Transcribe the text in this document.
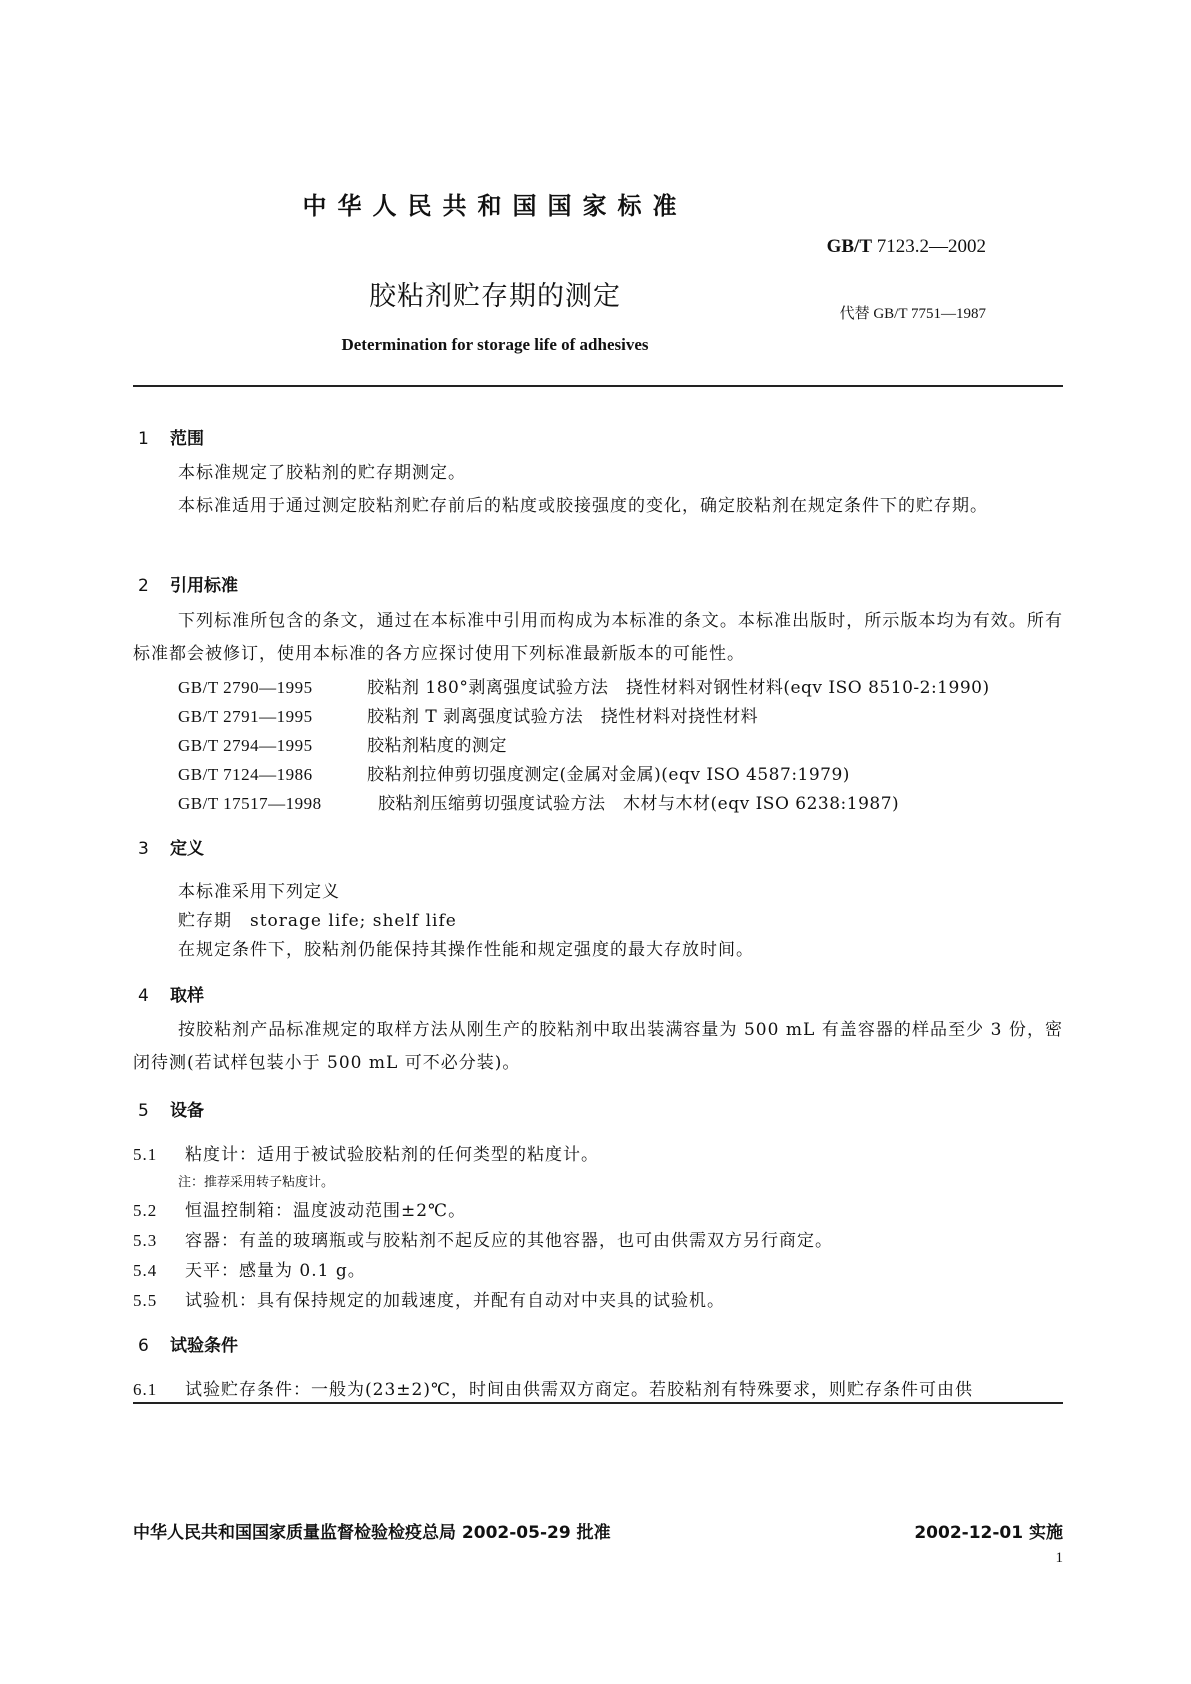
中华人民共和国国家标准
GB/T 7123.2—2002
胶粘剂贮存期的测定
代替 GB/T 7751—1987
Determination for storage life of adhesives
1 范围
本标准规定了胶粘剂的贮存期测定。
本标准适用于通过测定胶粘剂贮存前后的粘度或胶接强度的变化，确定胶粘剂在规定条件下的贮存期。
2 引用标准
下列标准所包含的条文，通过在本标准中引用而构成为本标准的条文。本标准出版时，所示版本均为有效。所有标准都会被修订，使用本标准的各方应探讨使用下列标准最新版本的可能性。
GB/T 2790—1995	胶粘剂 180°剥离强度试验方法　挠性材料对钢性材料(eqv ISO 8510-2:1990)
GB/T 2791—1995	胶粘剂 T 剥离强度试验方法　挠性材料对挠性材料
GB/T 2794—1995	胶粘剂粘度的测定
GB/T 7124—1986	胶粘剂拉伸剪切强度测定(金属对金属)(eqv ISO 4587:1979)
GB/T 17517—1998	胶粘剂压缩剪切强度试验方法　木材与木材(eqv ISO 6238:1987)
3 定义
本标准采用下列定义
贮存期　storage life; shelf life
在规定条件下，胶粘剂仍能保持其操作性能和规定强度的最大存放时间。
4 取样
按胶粘剂产品标准规定的取样方法从刚生产的胶粘剂中取出装满容量为 500 mL 有盖容器的样品至少 3 份，密闭待测(若试样包装小于 500 mL 可不必分装)。
5 设备
5.1 粘度计：适用于被试验胶粘剂的任何类型的粘度计。
注：推荐采用转子粘度计。
5.2 恒温控制箱：温度波动范围±2℃。
5.3 容器：有盖的玻璃瓶或与胶粘剂不起反应的其他容器，也可由供需双方另行商定。
5.4 天平：感量为 0.1 g。
5.5 试验机：具有保持规定的加载速度，并配有自动对中夹具的试验机。
6 试验条件
6.1 试验贮存条件：一般为(23±2)℃，时间由供需双方商定。若胶粘剂有特殊要求，则贮存条件可由供
中华人民共和国国家质量监督检验检疫总局 2002-05-29 批准	2002-12-01 实施
1
